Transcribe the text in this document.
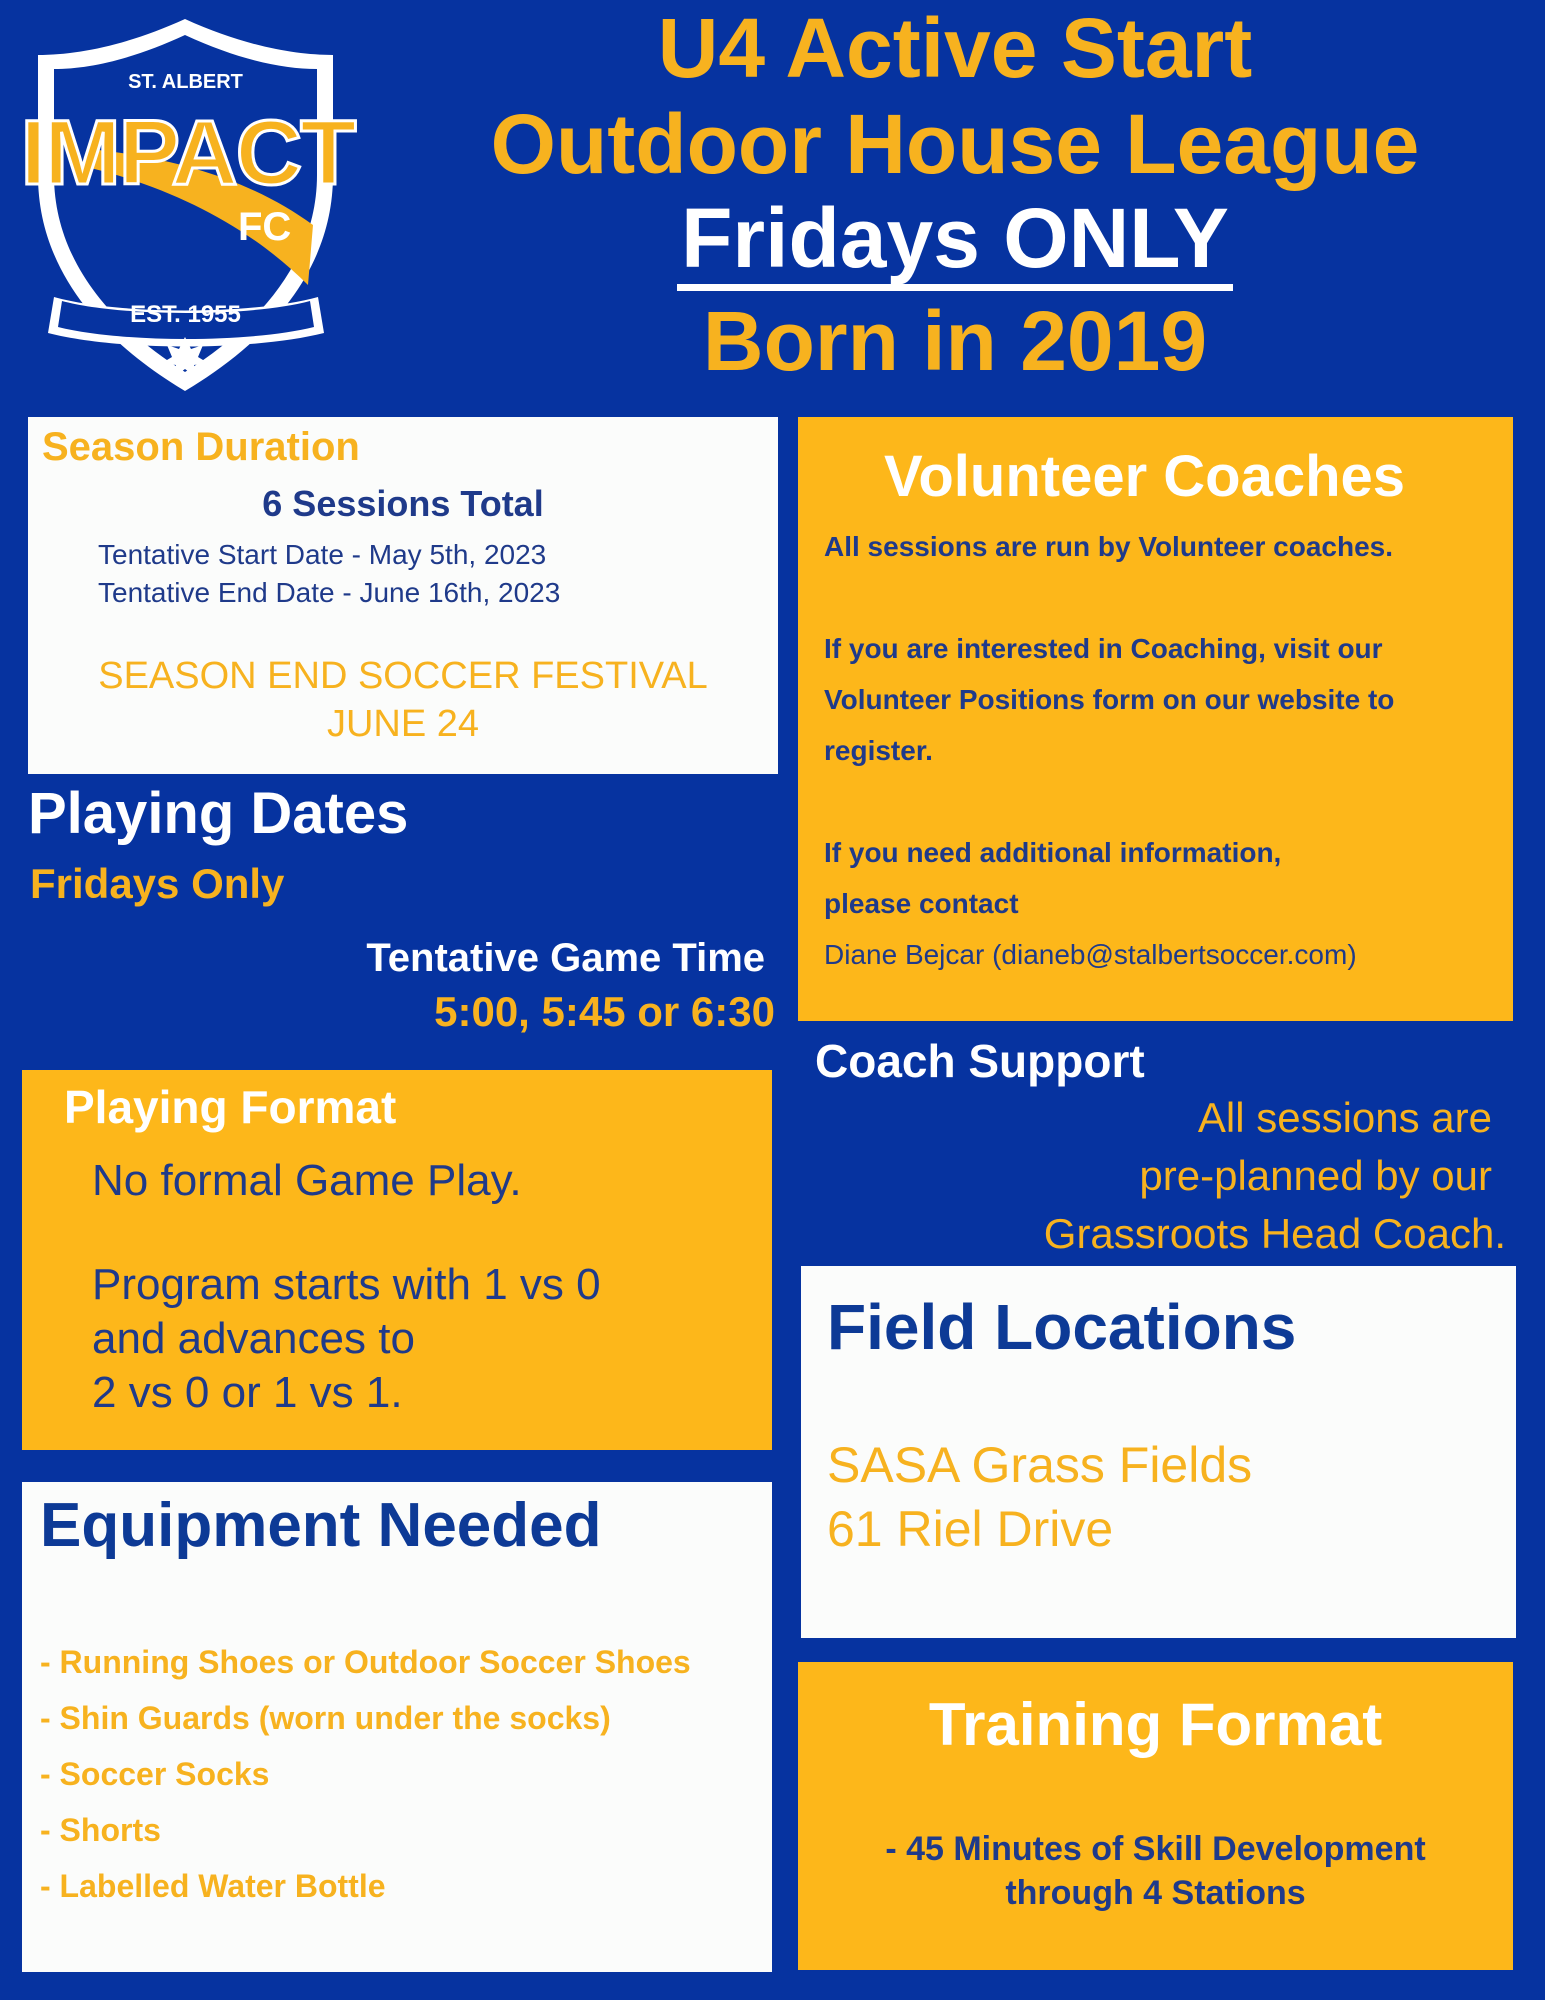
ST. ALBERT
IMPACT
FC
EST. 1955
U4 Active Start
Outdoor House League
Fridays ONLY
Born in 2019
Season Duration
6 Sessions Total
Tentative Start Date - May 5th, 2023
Tentative End Date - June 16th, 2023
SEASON END SOCCER FESTIVAL
JUNE 24
Playing Dates
Fridays Only
Tentative Game Time
5:00, 5:45 or 6:30
Playing Format
No formal Game Play.
Program starts with 1 vs 0
and advances to
2 vs 0 or 1 vs 1.
Equipment Needed
- Running Shoes or Outdoor Soccer Shoes
- Shin Guards (worn under the socks)
- Soccer Socks
- Shorts
- Labelled Water Bottle
Volunteer Coaches
All sessions are run by Volunteer coaches.
If you are interested in Coaching, visit our
Volunteer Positions form on our website to
register.
If you need additional information,
please contact
Diane Bejcar (dianeb@stalbertsoccer.com)
Coach Support
All sessions are
pre-planned by our
Grassroots Head Coach.
Field Locations
SASA Grass Fields
61 Riel Drive
Training Format
- 45 Minutes of Skill Development
through 4 Stations
